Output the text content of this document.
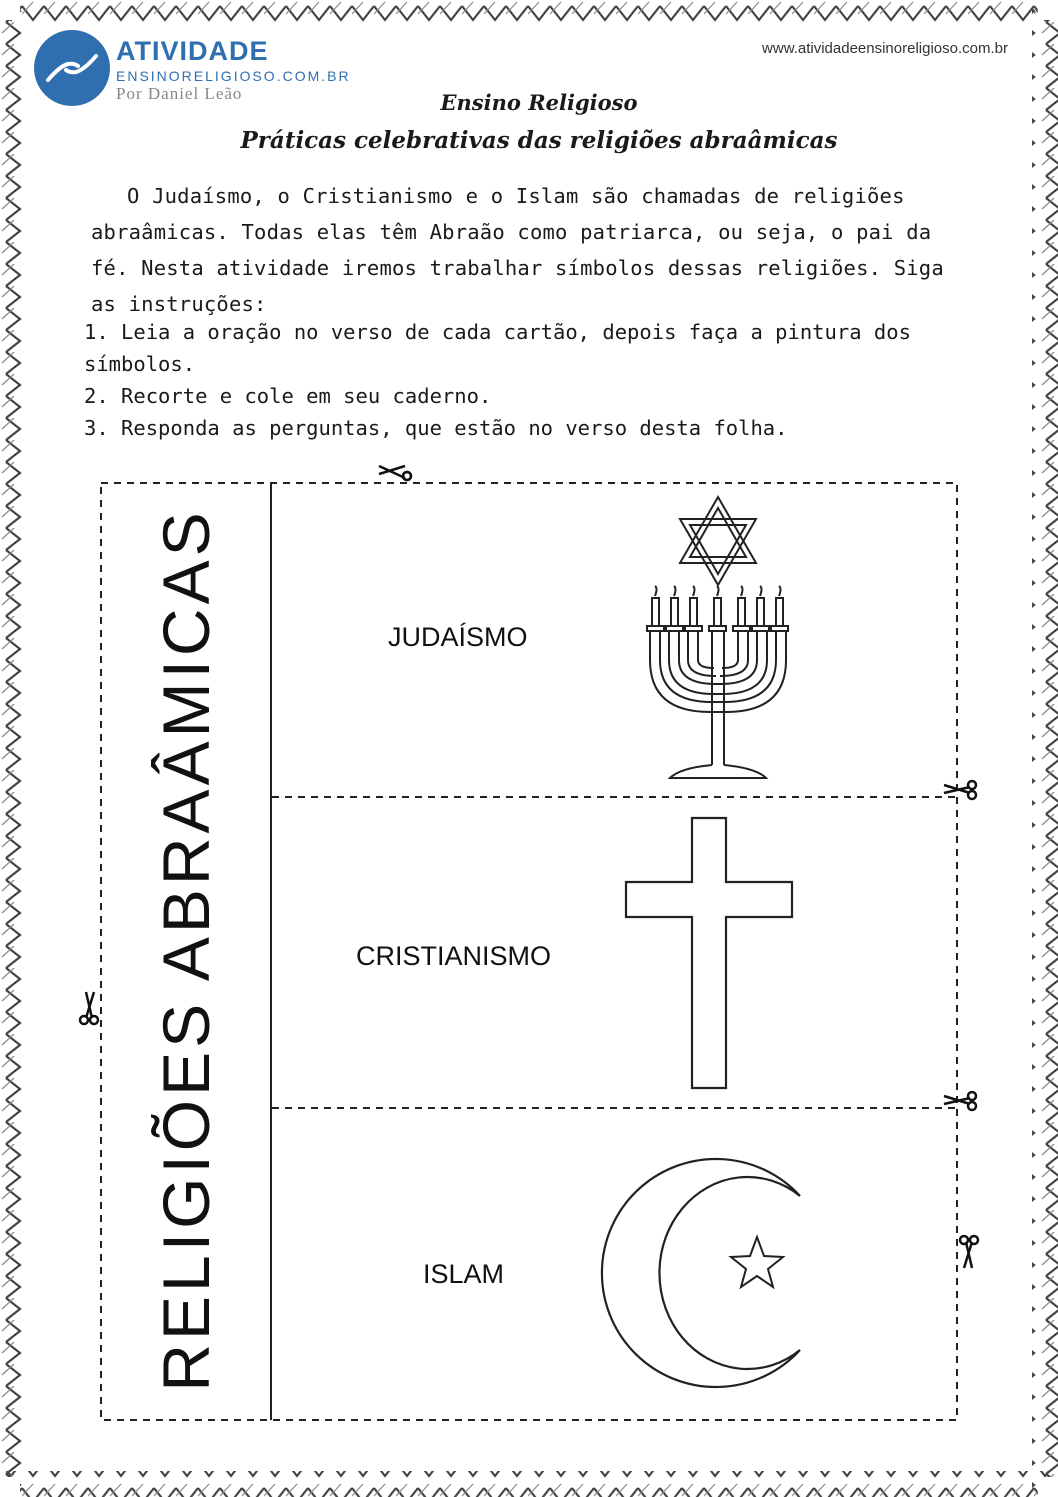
ATIVIDADE
ENSINORELIGIOSO.COM.BR
Por Daniel Leão
www.atividadeensinoreligioso.com.br
Ensino Religioso
Práticas celebrativas das religiões abraâmicas
O Judaísmo, o Cristianismo e o Islam são chamadas de religiões abraâmicas. Todas elas têm Abraão como patriarca, ou seja, o pai da fé. Nesta atividade iremos trabalhar símbolos dessas religiões. Siga as instruções:
1. Leia a oração no verso de cada cartão, depois faça a pintura dos símbolos.
2. Recorte e cole em seu caderno.
3. Responda as perguntas, que estão no verso desta folha.
RELIGIÕES ABRAÂMICAS	JUDAÍSMO
CRISTIANISMO
ISLAM
